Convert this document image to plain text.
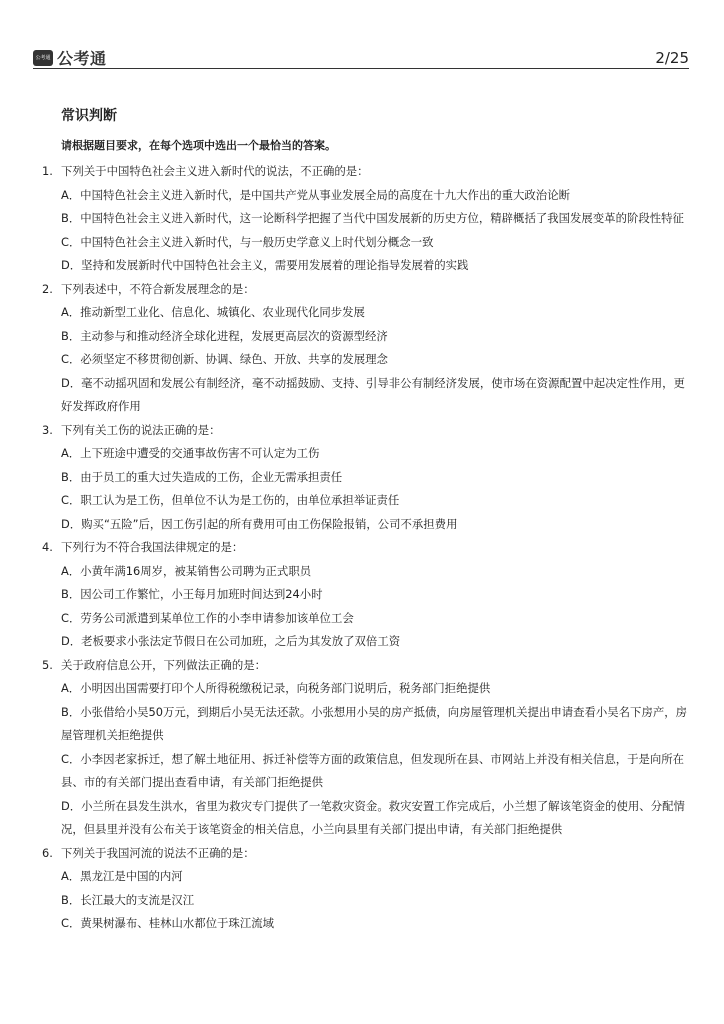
公考通 公考通	2/25
常识判断
请根据题目要求，在每个选项中选出一个最恰当的答案。
1. 下列关于中国特色社会主义进入新时代的说法，不正确的是：
A．中国特色社会主义进入新时代，是中国共产党从事业发展全局的高度在十九大作出的重大政治论断
B．中国特色社会主义进入新时代，这一论断科学把握了当代中国发展新的历史方位，精辟概括了我国发展变革的阶段性特征
C．中国特色社会主义进入新时代，与一般历史学意义上时代划分概念一致
D．坚持和发展新时代中国特色社会主义，需要用发展着的理论指导发展着的实践
2. 下列表述中，不符合新发展理念的是：
A．推动新型工业化、信息化、城镇化、农业现代化同步发展
B．主动参与和推动经济全球化进程，发展更高层次的资源型经济
C．必须坚定不移贯彻创新、协调、绿色、开放、共享的发展理念
D．毫不动摇巩固和发展公有制经济，毫不动摇鼓励、支持、引导非公有制经济发展，使市场在资源配置中起决定性作用，更好发挥政府作用
3. 下列有关工伤的说法正确的是：
A．上下班途中遭受的交通事故伤害不可认定为工伤
B．由于员工的重大过失造成的工伤，企业无需承担责任
C．职工认为是工伤，但单位不认为是工伤的，由单位承担举证责任
D．购买“五险”后，因工伤引起的所有费用可由工伤保险报销，公司不承担费用
4. 下列行为不符合我国法律规定的是：
A．小黄年满16周岁，被某销售公司聘为正式职员
B．因公司工作繁忙，小王每月加班时间达到24小时
C．劳务公司派遣到某单位工作的小李申请参加该单位工会
D．老板要求小张法定节假日在公司加班，之后为其发放了双倍工资
5. 关于政府信息公开，下列做法正确的是：
A．小明因出国需要打印个人所得税缴税记录，向税务部门说明后，税务部门拒绝提供
B．小张借给小吴50万元，到期后小吴无法还款。小张想用小吴的房产抵债，向房屋管理机关提出申请查看小吴名下房产，房屋管理机关拒绝提供
C．小李因老家拆迁，想了解土地征用、拆迁补偿等方面的政策信息，但发现所在县、市网站上并没有相关信息，于是向所在县、市的有关部门提出查看申请，有关部门拒绝提供
D．小兰所在县发生洪水，省里为救灾专门提供了一笔救灾资金。救灾安置工作完成后，小兰想了解该笔资金的使用、分配情况，但县里并没有公布关于该笔资金的相关信息，小兰向县里有关部门提出申请，有关部门拒绝提供
6. 下列关于我国河流的说法不正确的是：
A．黑龙江是中国的内河
B．长江最大的支流是汉江
C．黄果树瀑布、桂林山水都位于珠江流域
